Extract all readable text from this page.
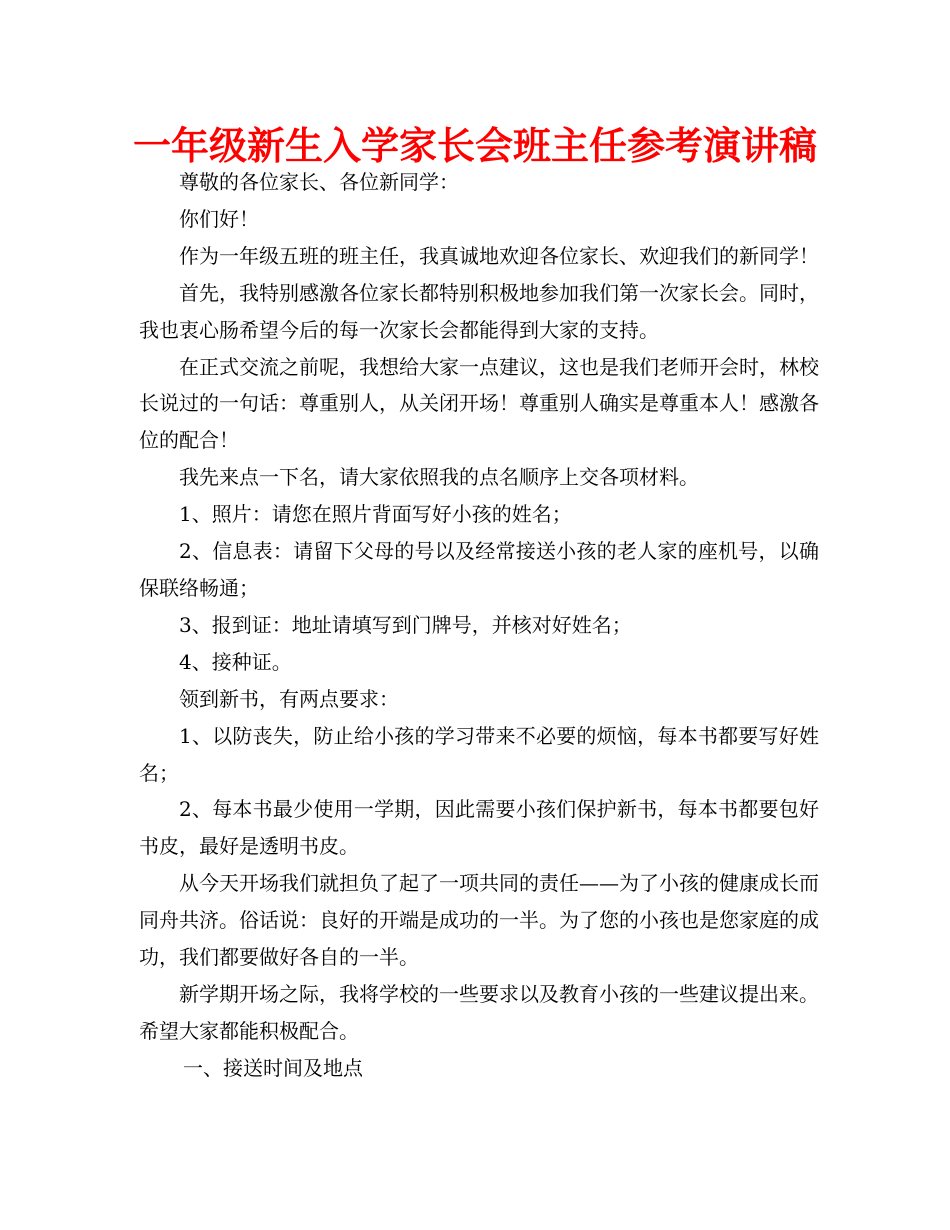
一年级新生入学家长会班主任参考演讲稿

尊敬的各位家长、各位新同学：

你们好！

作为一年级五班的班主任，我真诚地欢迎各位家长、欢迎我们的新同学！

首先，我特别感激各位家长都特别积极地参加我们第一次家长会。同时，我也衷心肠希望今后的每一次家长会都能得到大家的支持。

在正式交流之前呢，我想给大家一点建议，这也是我们老师开会时，林校长说过的一句话：尊重别人，从关闭开场！尊重别人确实是尊重本人！感激各位的配合！

我先来点一下名，请大家依照我的点名顺序上交各项材料。

1、照片：请您在照片背面写好小孩的姓名；

2、信息表：请留下父母的号以及经常接送小孩的老人家的座机号，以确保联络畅通；

3、报到证：地址请填写到门牌号，并核对好姓名；

4、接种证。

领到新书，有两点要求：

1、以防丧失，防止给小孩的学习带来不必要的烦恼，每本书都要写好姓名；

2、每本书最少使用一学期，因此需要小孩们保护新书，每本书都要包好书皮，最好是透明书皮。

从今天开场我们就担负了起了一项共同的责任——为了小孩的健康成长而同舟共济。俗话说：良好的开端是成功的一半。为了您的小孩也是您家庭的成功，我们都要做好各自的一半。

新学期开场之际，我将学校的一些要求以及教育小孩的一些建议提出来。希望大家都能积极配合。

一、接送时间及地点
